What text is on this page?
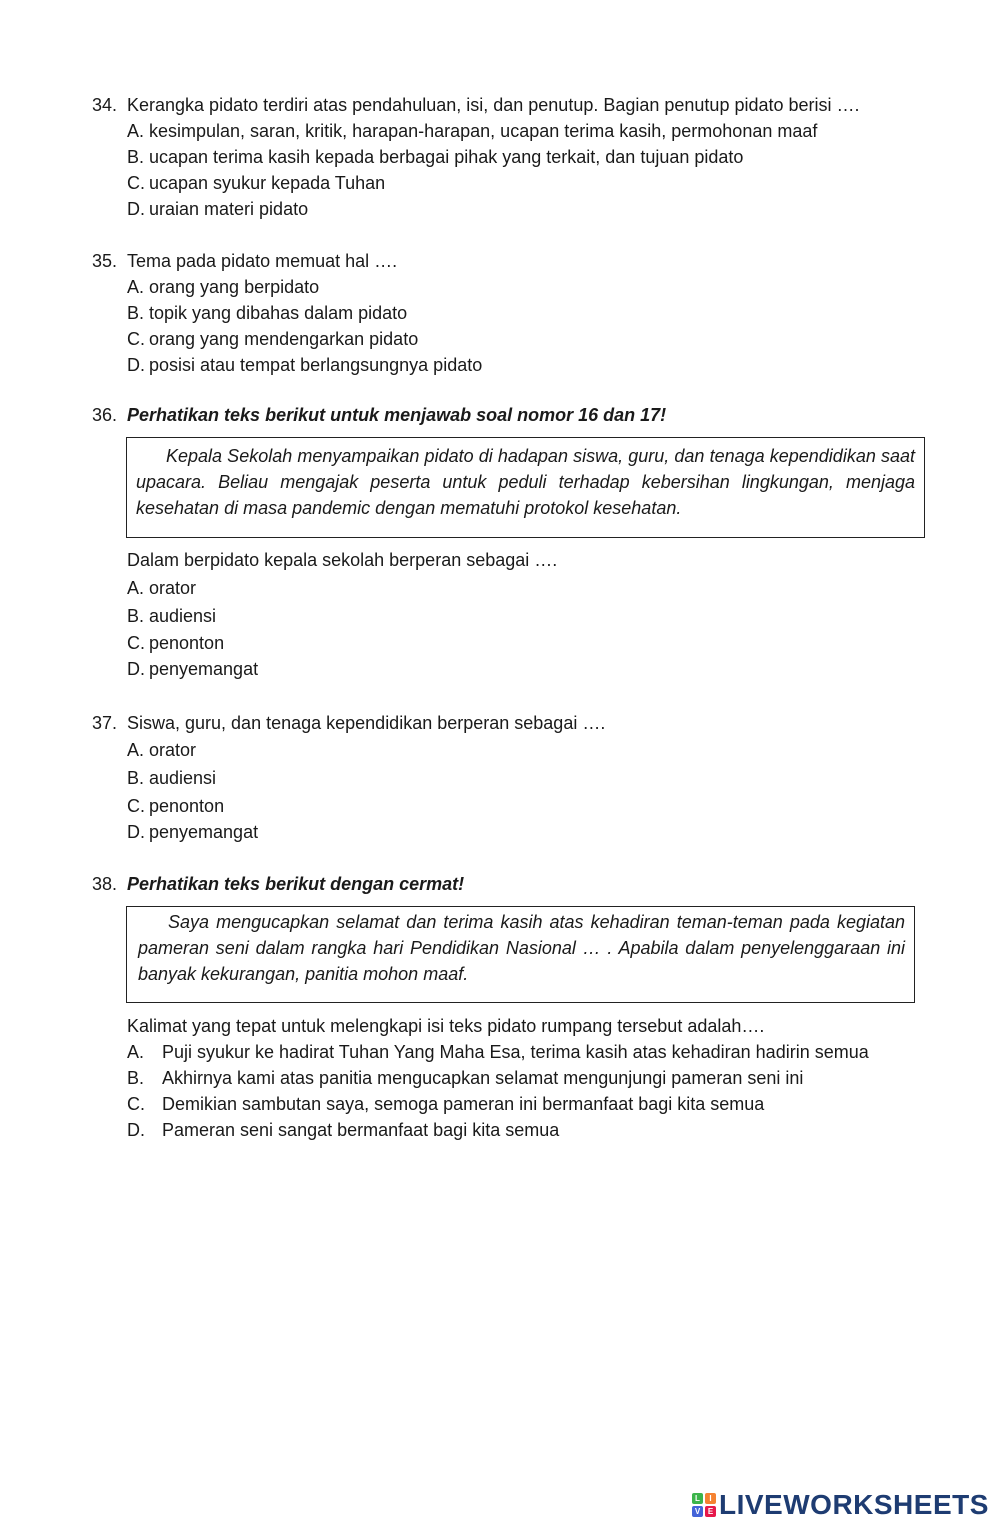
34. Kerangka pidato terdiri atas pendahuluan, isi, dan penutup. Bagian penutup pidato berisi ….
A. kesimpulan, saran, kritik, harapan-harapan, ucapan terima kasih, permohonan maaf
B. ucapan terima kasih kepada berbagai pihak yang terkait, dan tujuan pidato
C. ucapan syukur kepada Tuhan
D. uraian materi pidato
35. Tema pada pidato memuat hal ….
A. orang yang berpidato
B. topik yang dibahas dalam pidato
C. orang yang mendengarkan pidato
D. posisi atau tempat berlangsungnya pidato
36. Perhatikan teks berikut untuk menjawab soal nomor 16 dan 17!

Kepala Sekolah menyampaikan pidato di hadapan siswa, guru, dan tenaga kependidikan saat upacara. Beliau mengajak peserta untuk peduli terhadap kebersihan lingkungan, menjaga kesehatan di masa pandemic dengan mematuhi protokol kesehatan.

Dalam berpidato kepala sekolah berperan sebagai ….
A. orator
B. audiensi
C. penonton
D. penyemangat
37. Siswa, guru, dan tenaga kependidikan berperan sebagai ….
A. orator
B. audiensi
C. penonton
D. penyemangat
38. Perhatikan teks berikut dengan cermat!

Saya mengucapkan selamat dan terima kasih atas kehadiran teman-teman pada kegiatan pameran seni dalam rangka hari Pendidikan Nasional … . Apabila dalam penyelenggaraan ini banyak kekurangan, panitia mohon maaf.

Kalimat yang tepat untuk melengkapi isi teks pidato rumpang tersebut adalah….
A. Puji syukur ke hadirat Tuhan Yang Maha Esa, terima kasih atas kehadiran hadirin semua
B. Akhirnya kami atas panitia mengucapkan selamat mengunjungi pameran seni ini
C. Demikian sambutan saya, semoga pameran ini bermanfaat bagi kita semua
D. Pameran seni sangat bermanfaat bagi kita semua
L	I
V E LIVEWORKSHEETS
